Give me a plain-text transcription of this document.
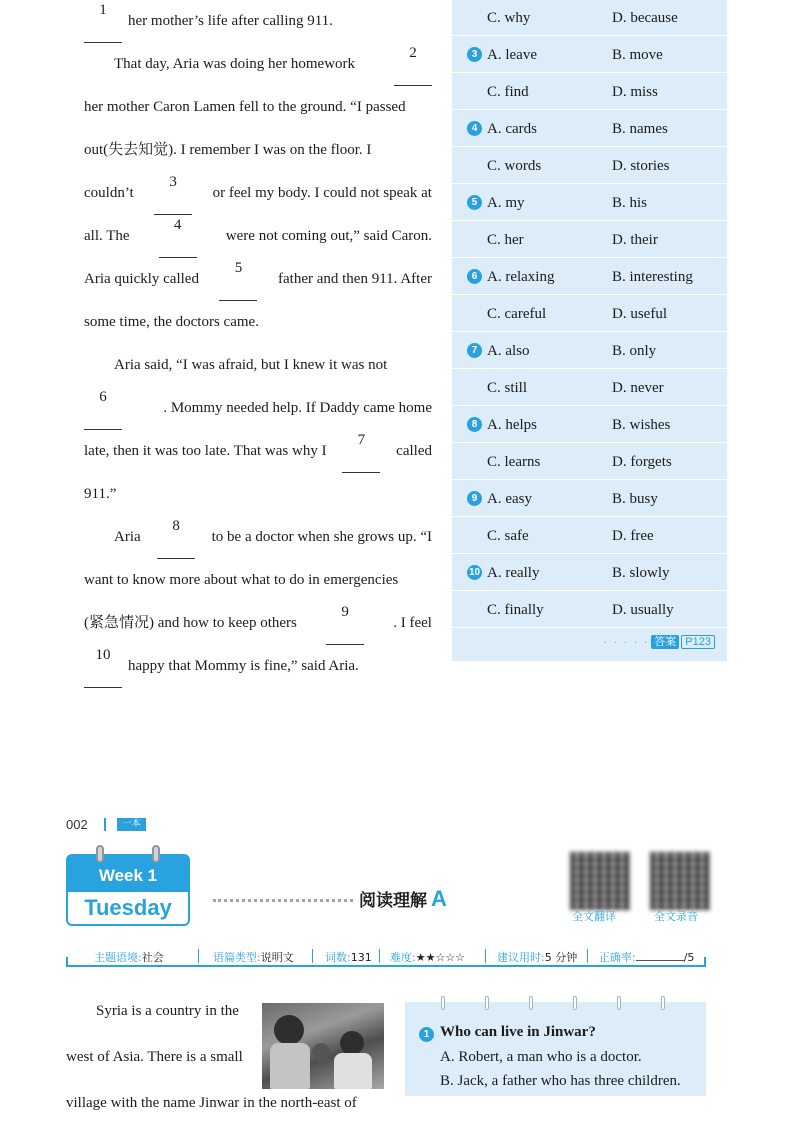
1
her mother’s life after calling 911.
That day, Aria was doing her homework
2
her mother Caron Lamen fell to the ground. “I passed
out(失去知觉). I remember I was on the floor. I
couldn’t
3
or feel my body. I could not speak at
all. The
4
were not coming out,” said Caron.
Aria quickly called
5
father and then 911. After
some time, the doctors came.
Aria said, “I was afraid, but I knew it was not
6
. Mommy needed help. If Daddy came home
late, then it was too late. That was why I
7
called
911.”
Aria
8
to be a doctor when she grows up. “I
want to know more about what to do in emergencies
(紧急情况) and how to keep others
9
. I feel
10
happy that Mommy is fine,” said Aria.
C. why	D. because
3 A. leave	B. move
C. find	D. miss
4 A. cards	B. names
C. words	D. stories
5 A. my	B. his
C. her	D. their
6 A. relaxing	B. interesting
C. careful	D. useful
7 A. also	B. only
C. still	D. never
8 A. helps	B. wishes
C. learns	D. forgets
9 A. easy	B. busy
C. safe	D. free
10 A. really	B. slowly
C. finally	D. usually
· · · · · 答案 P123
002	一本
Week 1
Tuesday	阅读理解 A
全文翻译	全文录音
主题语境:社会	语篇类型:说明文	词数:131 难度:★★☆☆☆	建议用时:5 分钟 正确率:	/5
Syria is a country in the
west of Asia. There is a small
village with the name Jinwar in the north-east of
1 Who can live in Jinwar?
A. Robert, a man who is a doctor.
B. Jack, a father who has three children.
